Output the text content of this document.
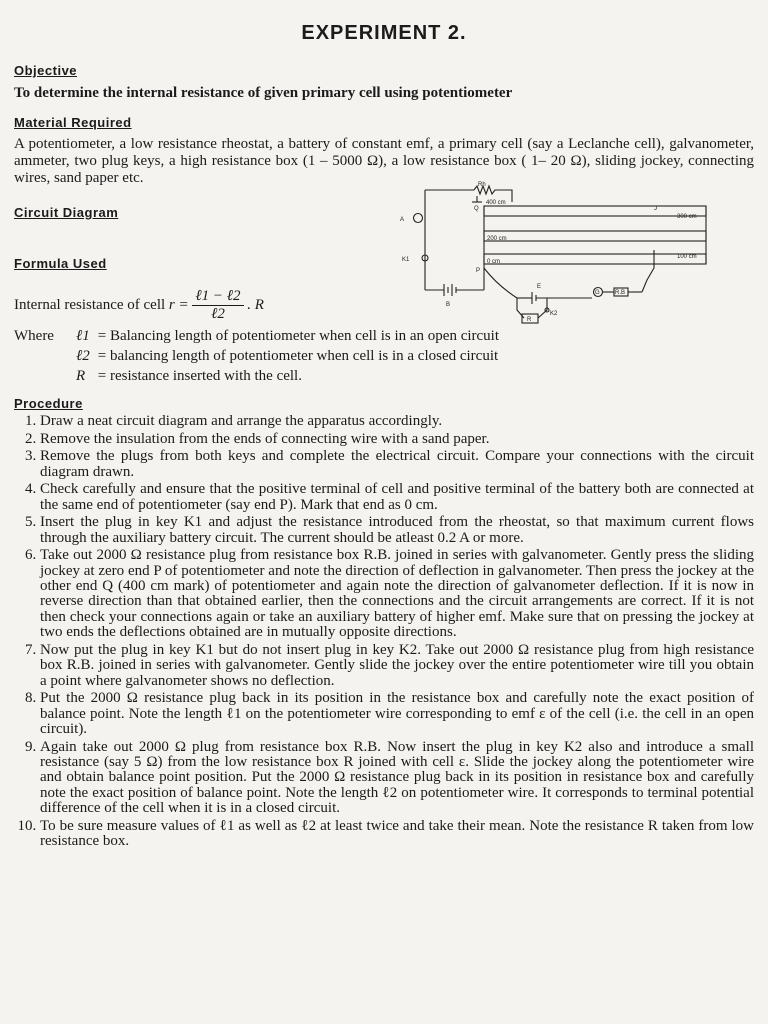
EXPERIMENT 2.
Objective
To determine the internal resistance of given primary cell using potentiometer
Material Required
A potentiometer, a low resistance rheostat, a battery of constant emf, a primary cell (say a Leclanche cell), galvanometer, ammeter, two plug keys, a high resistance box (1 – 5000 Ω), a low resistance box ( 1– 20 Ω), sliding jockey, connecting wires, sand paper etc.
Circuit Diagram
Rh
Q
400 cm
300 cm
200 cm
100 cm
0 cm
P
A
K1
B
E
R
K2
G	R.B
J
Formula Used
Internal resistance of cell $r = \frac{\text{ℓ1 − ℓ2}}{\text{ℓ2}}$ . R
Where ℓ1 = Balancing length of potentiometer when cell is in an open circuit
ℓ2 = balancing length of potentiometer when cell is in a closed circuit
R = resistance inserted with the cell.
Procedure
1. Draw a neat circuit diagram and arrange the apparatus accordingly.
2. Remove the insulation from the ends of connecting wire with a sand paper.
3. Remove the plugs from both keys and complete the electrical circuit. Compare your connections with the circuit diagram drawn.
4. Check carefully and ensure that the positive terminal of cell and positive terminal of the battery both are connected at the same end of potentiometer (say end P). Mark that end as 0 cm.
5. Insert the plug in key K1 and adjust the resistance introduced from the rheostat, so that maximum current flows through the auxiliary battery circuit. The current should be atleast 0.2 A or more.
6. Take out 2000 Ω resistance plug from resistance box R.B. joined in series with galvanometer. Gently press the sliding jockey at zero end P of potentiometer and note the direction of deflection in galvanometer. Then press the jockey at the other end Q (400 cm mark) of potentiometer and again note the direction of galvanometer deflection. If it is now in reverse direction than that obtained earlier, then the connections and the circuit arrangements are correct. If it is not then check your connections again or take an auxiliary battery of higher emf. Make sure that on pressing the jockey at two ends the deflections obtained are in mutually opposite directions.
7. Now put the plug in key K1 but do not insert plug in key K2. Take out 2000 Ω resistance plug from high resistance box R.B. joined in series with galvanometer. Gently slide the jockey over the entire potentiometer wire till you obtain a point where galvanometer shows no deflection.
8. Put the 2000 Ω resistance plug back in its position in the resistance box and carefully note the exact position of balance point. Note the length ℓ1 on the potentiometer wire corresponding to emf ε of the cell (i.e. the cell in an open circuit).
9. Again take out 2000 Ω plug from resistance box R.B. Now insert the plug in key K2 also and introduce a small resistance (say 5 Ω) from the low resistance box R joined with cell ε. Slide the jockey along the potentiometer wire and obtain balance point position. Put the 2000 Ω resistance plug back in its position in resistance box and carefully note the exact position of balance point. Note the length ℓ2 on potentiometer wire. It corresponds to terminal potential difference of the cell when it is in a closed circuit.
10. To be sure measure values of ℓ1 as well as ℓ2 at least twice and take their mean. Note the resistance R taken from low resistance box.
